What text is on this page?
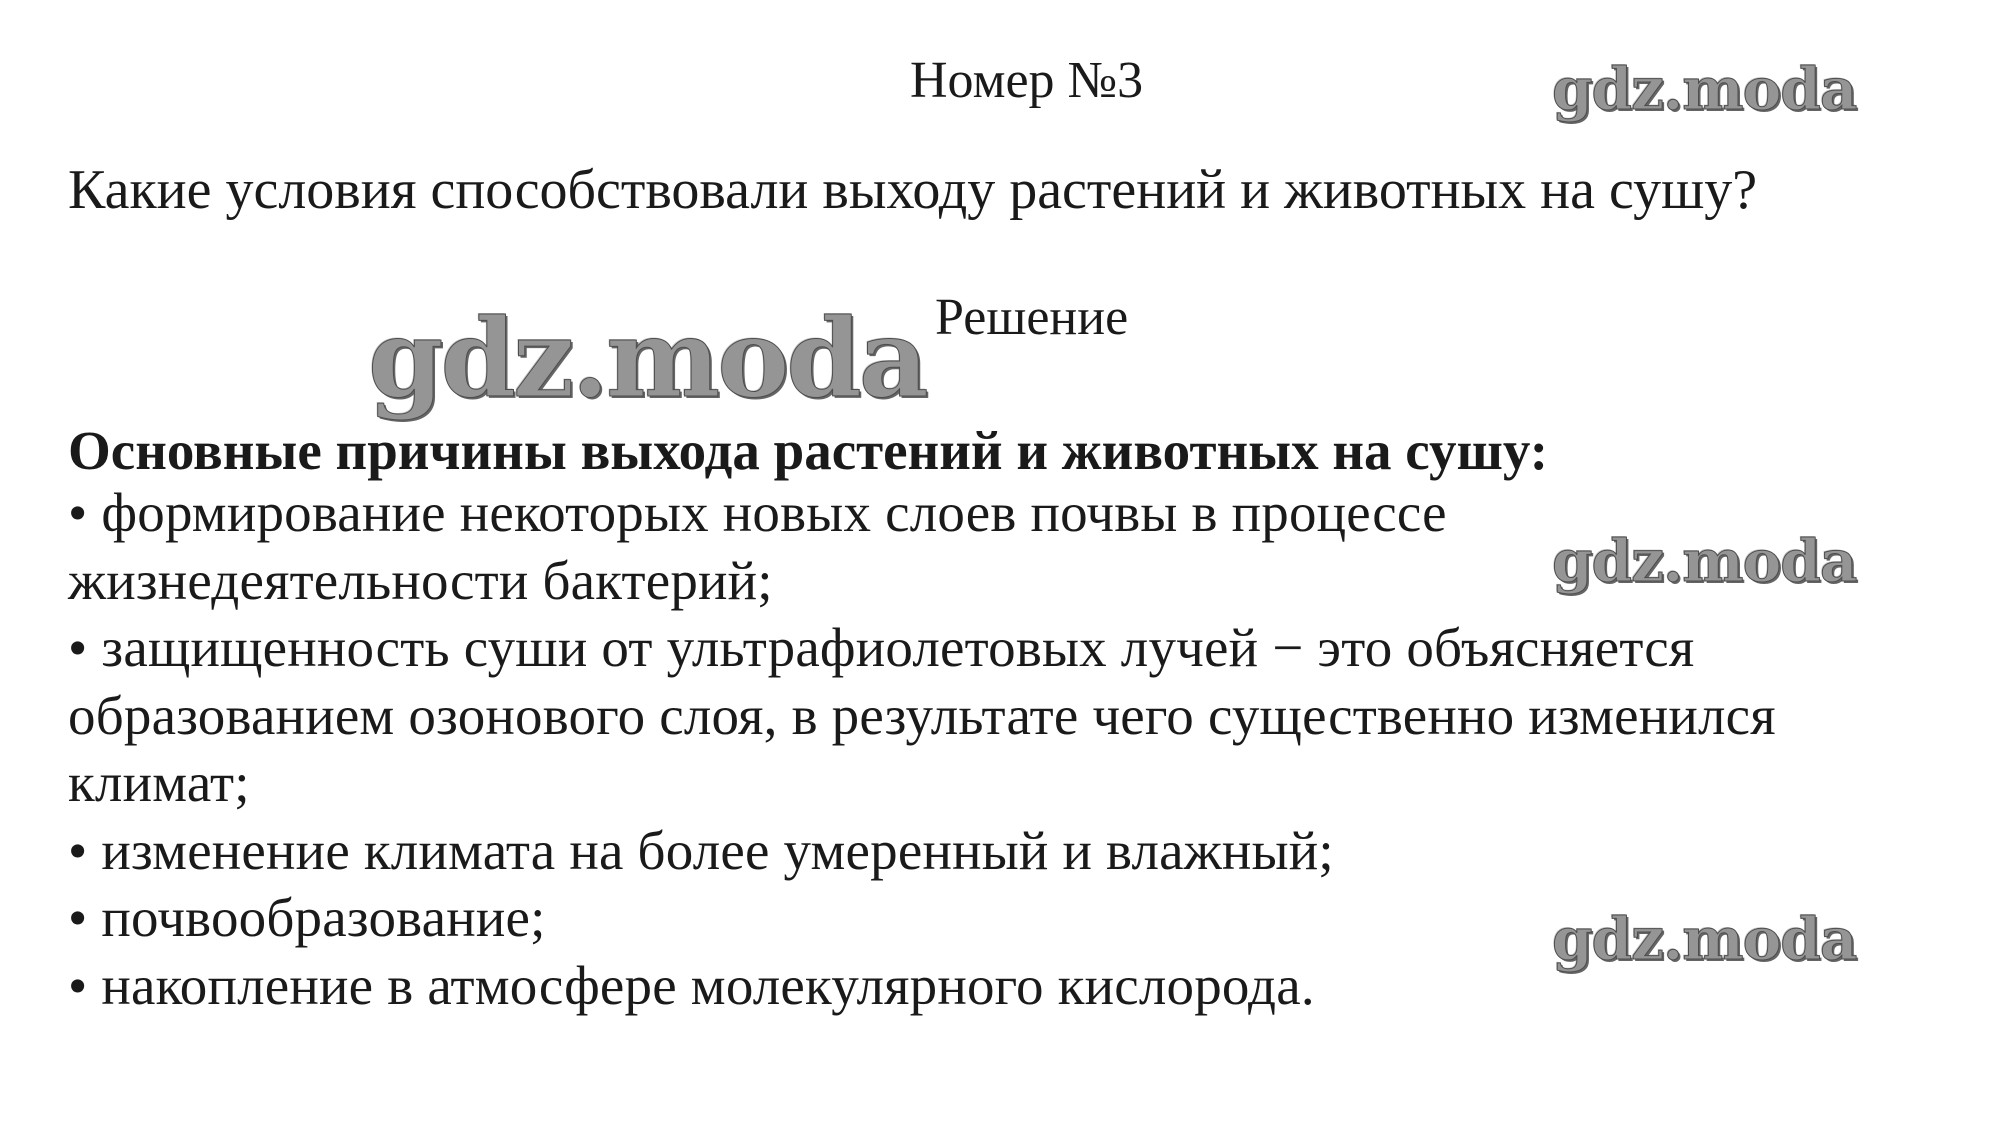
Номер №3
Какие условия способствовали выходу растений и животных на сушу?
Решение
Основные причины выхода растений и животных на сушу:
• формирование некоторых новых слоев почвы в процессе
жизнедеятельности бактерий;
• защищенность суши от ультрафиолетовых лучей − это объясняется
образованием озонового слоя, в результате чего существенно изменился
климат;
• изменение климата на более умеренный и влажный;
• почвообразование;
• накопление в атмосфере молекулярного кислорода.
gdz.moda
gdz.moda
gdz.moda
gdz.moda
